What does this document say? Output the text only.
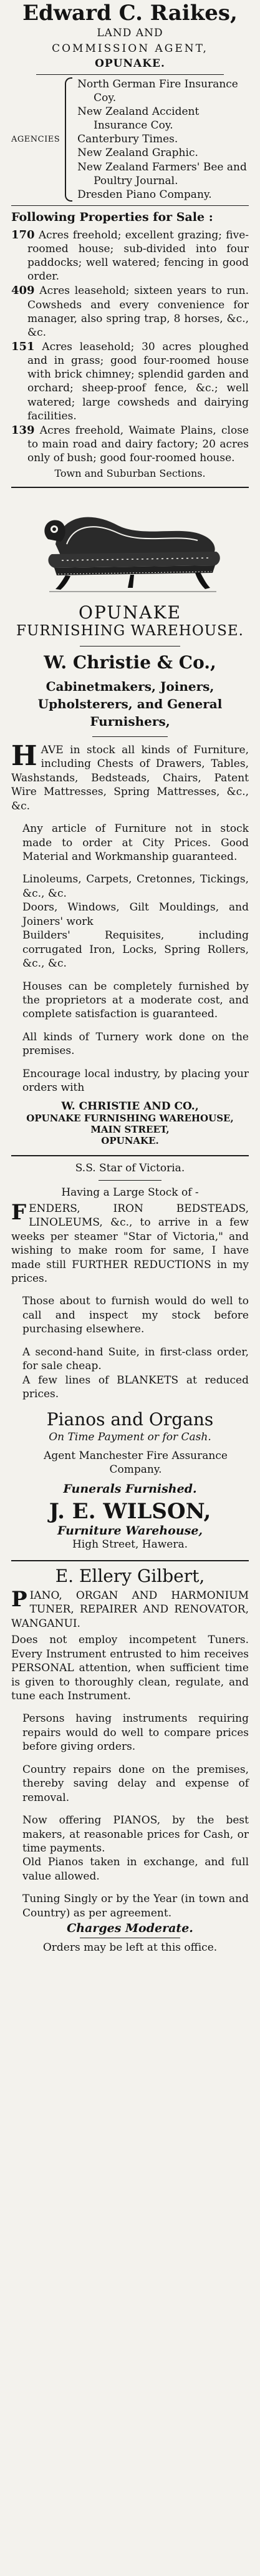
Edward C. Raikes,
LAND AND
COMMISSION AGENT,
OPUNAKE.
AGENCIES
North German Fire Insurance Coy.
New Zealand Accident Insurance Coy.
Canterbury Times.
New Zealand Graphic.
New Zealand Farmers' Bee and Poultry Journal.
Dresden Piano Company.
Following Properties for Sale :
170 Acres freehold; excellent grazing; five-roomed house; sub-divided into four paddocks; well watered; fencing in good order.
409 Acres leasehold; sixteen years to run. Cowsheds and every convenience for manager, also spring trap, 8 horses, &c., &c.
151 Acres leasehold; 30 acres ploughed and in grass; good four-roomed house with brick chimney; splendid garden and orchard; sheep-proof fence, &c.; well watered; large cowsheds and dairying facilities.
139 Acres freehold, Waimate Plains, close to main road and dairy factory; 20 acres only of bush; good four-roomed house.
Town and Suburban Sections.
OPUNAKE
FURNISHING WAREHOUSE.
W. Christie & Co.,
Cabinetmakers, Joiners, Upholsterers, and General Furnishers,
H AVE in stock all kinds of Furniture, including Chests of Drawers, Tables, Washstands, Bedsteads, Chairs, Patent Wire Mattresses, Spring Mattresses, &c., &c.
Any article of Furniture not in stock made to order at City Prices. Good Material and Workmanship guaranteed.
Linoleums, Carpets, Cretonnes, Tickings, &c., &c.
Doors, Windows, Gilt Mouldings, and Joiners' work
Builders' Requisites, including corrugated Iron, Locks, Spring Rollers, &c., &c.
Houses can be completely furnished by the proprietors at a moderate cost, and complete satisfaction is guaranteed.
All kinds of Turnery work done on the premises.
Encourage local industry, by placing your orders with
W. CHRISTIE AND CO.,
OPUNAKE FURNISHING WAREHOUSE,
MAIN STREET,
OPUNAKE.
S.S. Star of Victoria.
Having a Large Stock of -
F ENDERS, IRON BEDSTEADS, LINOLEUMS, &c., to arrive in a few weeks per steamer "Star of Victoria," and wishing to make room for same, I have made still FURTHER REDUCTIONS in my prices.
Those about to furnish would do well to call and inspect my stock before purchasing elsewhere.
A second-hand Suite, in first-class order, for sale cheap.
A few lines of BLANKETS at reduced prices.
Pianos and Organs
On Time Payment or for Cash.
Agent Manchester Fire Assurance Company.
Funerals Furnished.
J. E. WILSON,
Furniture Warehouse,
High Street, Hawera.
E. Ellery Gilbert,
P IANO, ORGAN AND HARMONIUM TUNER, REPAIRER AND RENOVATOR, WANGANUI.
Does not employ incompetent Tuners. Every Instrument entrusted to him receives PERSONAL attention, when sufficient time is given to thoroughly clean, regulate, and tune each Instrument.
Persons having instruments requiring repairs would do well to compare prices before giving orders.
Country repairs done on the premises, thereby saving delay and expense of removal.
Now offering PIANOS, by the best makers, at reasonable prices for Cash, or time payments.
Old Pianos taken in exchange, and full value allowed.
Tuning Singly or by the Year (in town and Country) as per agreement.
Charges Moderate.
Orders may be left at this office.
